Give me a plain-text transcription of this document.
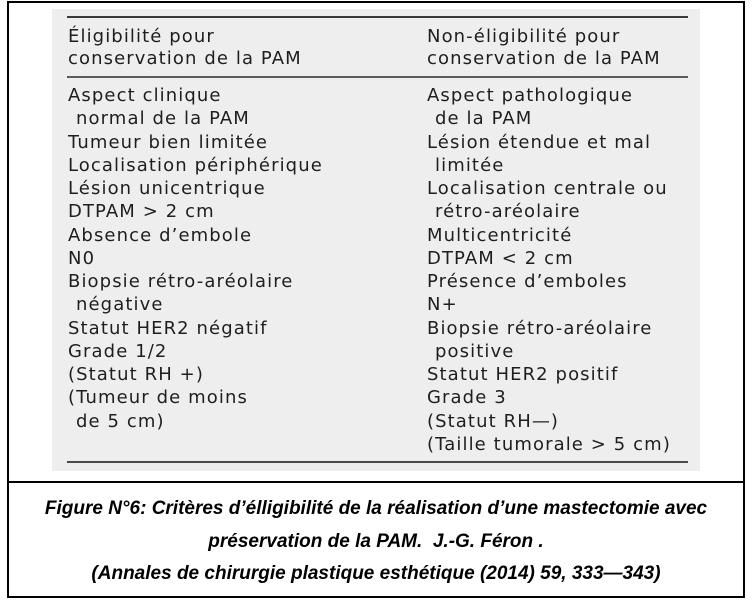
Éligibilité pour
conservation de la PAM
Non-éligibilité pour
conservation de la PAM
Aspect clinique
normal de la PAM
Tumeur bien limitée
Localisation périphérique
Lésion unicentrique
DTPAM > 2 cm
Absence d’embole
N0
Biopsie rétro-aréolaire
négative
Statut HER2 négatif
Grade 1/2
(Statut RH +)
(Tumeur de moins
de 5 cm)
Aspect pathologique
de la PAM
Lésion étendue et mal
limitée
Localisation centrale ou
rétro-aréolaire
Multicentricité
DTPAM < 2 cm
Présence d’emboles
N+
Biopsie rétro-aréolaire
positive
Statut HER2 positif
Grade 3
(Statut RH—)
(Taille tumorale > 5 cm)
Figure N°6: Critères d’élligibilité de la réalisation d’une mastectomie avec
préservation de la PAM.  J.-G. Féron .
(Annales de chirurgie plastique esthétique (2014) 59, 333—343)
